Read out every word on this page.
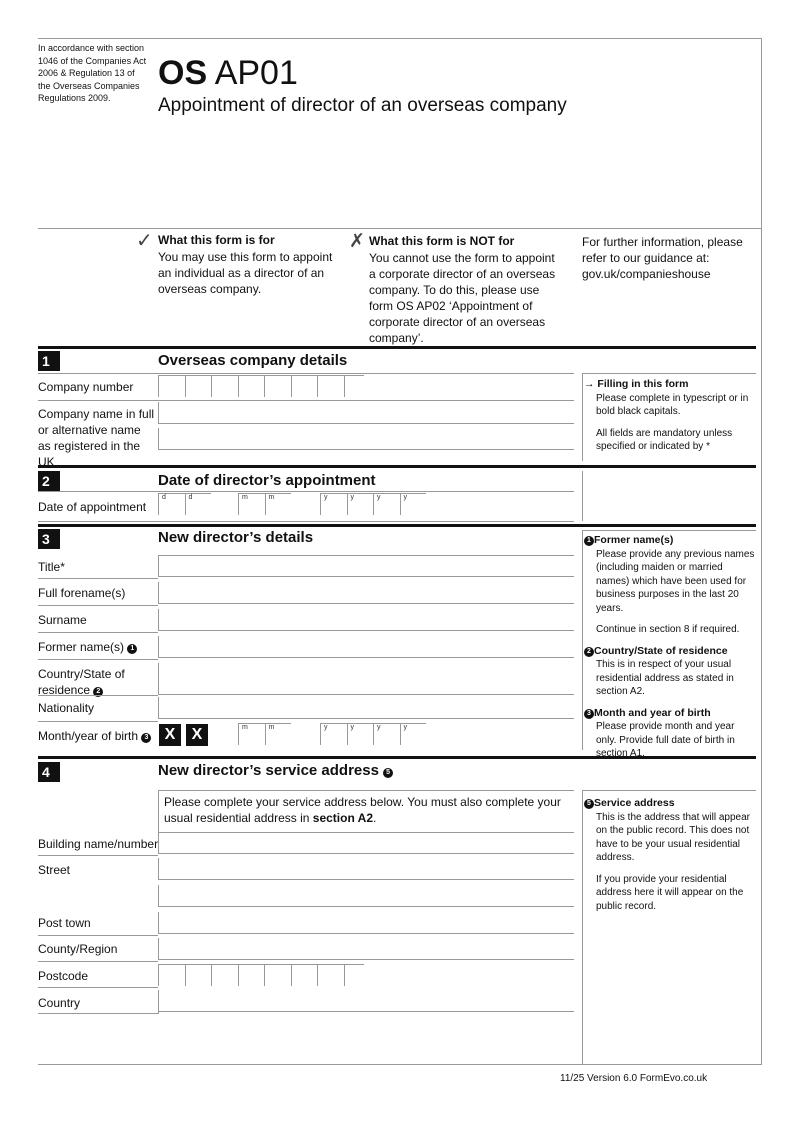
In accordance with section 1046 of the Companies Act 2006 & Regulation 13 of the Overseas Companies Regulations 2009.
OS AP01
Appointment of director of an overseas company
✓ What this form is for

You may use this form to appoint an individual as a director of an overseas company.

✗ What this form is NOT for

You cannot use the form to appoint a corporate director of an overseas company. To do this, please use form OS AP02 ‘Appointment of corporate director of an overseas company’.

For further information, please refer to our guidance at: gov.uk/companieshouse

1	Overseas company details
Company number
Company name in full or alternative name as registered in the UK
→ Filling in this form

Please complete in typescript or in bold black capitals.

All fields are mandatory unless specified or indicated by *

2	Date of director’s appointment
Date of appointment
d	d	m	m	y	y	y	y
3	New director’s details
Title*
Full forename(s)
Surname
Former name(s) 1
Country/State of residence 2
Nationality
Month/year of birth 3	X	X	m	m	y	y	y	y
1 Former name(s)

Please provide any previous names (including maiden or married names) which have been used for business purposes in the last 20 years.

Continue in section 8 if required.

2 Country/State of residence

This is in respect of your usual residential address as stated in section A2.

3 Month and year of birth

Please provide month and year only. Provide full date of birth in section A1.

4	New director’s service address 5
Please complete your service address below. You must also complete your usual residential address in section A2.
Building name/number
Street
Post town
County/Region
Postcode
Country
5 Service address

This is the address that will appear on the public record. This does not have to be your usual residential address.

If you provide your residential address here it will appear on the public record.

11/25 Version 6.0 FormEvo.co.uk
